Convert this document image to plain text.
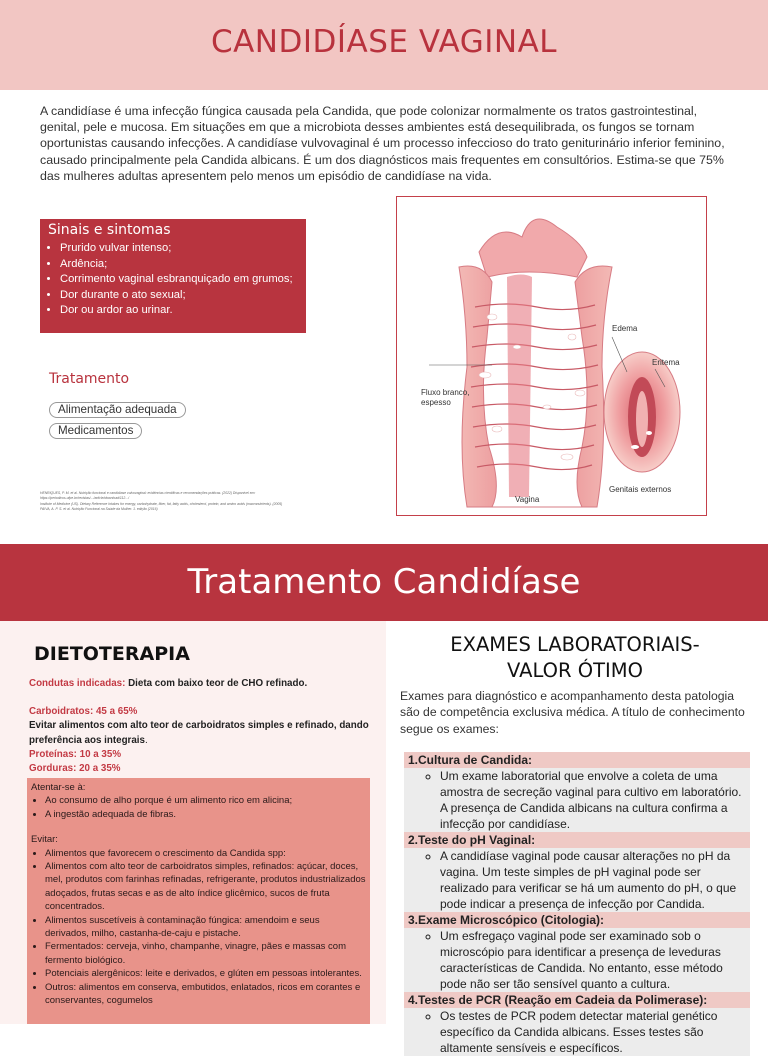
CANDIDÍASE VAGINAL

A candidíase é uma infecção fúngica causada pela Candida, que pode colonizar normalmente os tratos gastrointestinal, genital, pele e mucosa. Em situações em que a microbiota desses ambientes está desequilibrada, os fungos se tornam oportunistas causando infecções. A candidíase vulvovaginal é um processo infeccioso do trato geniturinário inferior feminino, causado principalmente pela Candida albicans. É um dos diagnósticos mais frequentes em consultórios. Estima-se que 75% das mulheres adultas apresentem pelo menos um episódio de candidíase na vida.

Sinais e sintomas
• Prurido vulvar intenso;
• Ardência;
• Corrimento vaginal esbranquiçado em grumos;
• Dor durante o ato sexual;
• Dor ou ardor ao urinar.
Tratamento
Alimentação adequada
Medicamentos
HENRIQUES, P. M. et al. Nutrição funcional e candidíase vulvovaginal: evidências científicas e recomendações práticas. (2022) Disponível em: https://periodicos.ufpe.br/revistas/.../article/download/112.../
Institute of Medicine (US). Dietary Reference Intakes for energy, carbohydrate, fiber, fat, fatty acids, cholesterol, protein, and amino acids (macronutrients). (2005)
PAIVA, A. P. S. et al. Nutrição Funcional na Saúde da Mulher. 1. edição (2016)
Edema
Eritema
Fluxo branco,
espesso
Vagina
Genitais externos
Tratamento Candidíase
DIETOTERAPIA
Condutas indicadas: Dieta com baixo teor de CHO refinado.
Carboidratos: 45 a 65%
Evitar alimentos com alto teor de carboidratos simples e refinado, dando preferência aos integrais.
Proteínas: 10 a 35%
Gorduras: 20 a 35%
Atentar-se à:
• Ao consumo de alho porque é um alimento rico em alicina;
• A ingestão adequada de fibras.
Evitar:
• Alimentos que favorecem o crescimento da Candida spp:
• Alimentos com alto teor de carboidratos simples, refinados: açúcar, doces, mel, produtos com farinhas refinadas, refrigerante, produtos industrializados adoçados, frutas secas e as de alto índice glicêmico, sucos de fruta concentrados.
• Alimentos suscetíveis à contaminação fúngica: amendoim e seus derivados, milho, castanha-de-caju e pistache.
• Fermentados: cerveja, vinho, champanhe, vinagre, pães e massas com fermento biológico.
• Potenciais alergênicos: leite e derivados, e glúten em pessoas intolerantes.
• Outros: alimentos em conserva, embutidos, enlatados, ricos em corantes e conservantes, cogumelos
EXAMES LABORATORIAIS-
VALOR ÓTIMO

Exames para diagnóstico e acompanhamento desta patologia são de competência exclusiva médica. A título de conhecimento segue os exames:

1.Cultura de Candida:
◦ Um exame laboratorial que envolve a coleta de uma amostra de secreção vaginal para cultivo em laboratório. A presença de Candida albicans na cultura confirma a infecção por candidíase.
2.Teste do pH Vaginal:
◦ A candidíase vaginal pode causar alterações no pH da vagina. Um teste simples de pH vaginal pode ser realizado para verificar se há um aumento do pH, o que pode indicar a presença de infecção por Candida.
3.Exame Microscópico (Citologia):
◦ Um esfregaço vaginal pode ser examinado sob o microscópio para identificar a presença de leveduras características de Candida. No entanto, esse método pode não ser tão sensível quanto a cultura.
4.Testes de PCR (Reação em Cadeia da Polimerase):
◦ Os testes de PCR podem detectar material genético específico da Candida albicans. Esses testes são altamente sensíveis e específicos.
